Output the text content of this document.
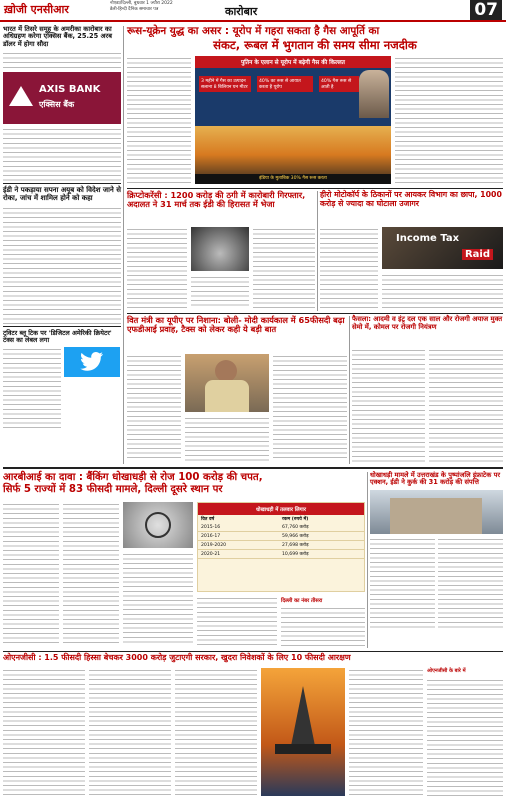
ख़ोजी एनसीआर	नोएडा/दिल्ली, बुधवार 1 ज्यौरा 2022
डेली-हिन्दी दैनिक समाचार पत्र	कारोबार	07
भारत में तिसरे समूह के अमरीका कारोबार का अधिग्रहण करेगा एक्सिस बैंक, 25.25 अरब डॉलर में होगा सौदा
AXIS BANK
एक्सिस बैंक
ईडी ने पकड़ाया सपना अयूब को विदेश जाने से रोका, जांच में शामिल होने को कहा
ट्विटर ब्लू टिक पर 'डिजिटल अमेरिकी क्रियेटर' टेक्स का लेबल लगा
रूस-यूक्रेन युद्ध का असर : यूरोप में गहरा सकता है गैस आपूर्ति का
संकट, रूबल में भुगतान की समय सीमा नजदीक
पुतिन के एलान से यूरोप में बढ़ेगी गैस की किल्लत
3 महीने में गैस का उत्पादन सलाना 8 बिलियन घन मीटर
40% का रूस से आयात करता है यूरोप
40% गैस रूस से आती है
इंडिया के मुताबिक 30% गैस रूस करता
क्रिप्टोकरेंसी : 1200 करोड़ की ठगी में कारोबारी गिरफ्तार, अदालत ने 31 मार्च तक ईडी की हिरासत में भेजा
हीरो मोटोकॉर्प के ठिकानों पर आयकर विभाग का छापा, 1000 करोड़ से ज्यादा का घोटाला उजागर
Income Tax
Raid
वित मंत्री का यूपीए पर निशाना: बोली- मोदी कार्यकाल में 65फीसदी बढ़ा एफडीआई प्रवाह, टैक्स को लेकर कही ये बड़ी बात
फैसला: आदमी व इंट्र दल एक साल और रोजगी अयाज मुक्त सेमो में, कोमल पर रोजगी नियंत्रण
आरबीआई का दावा : बैंकिंग धोखाधड़ी से रोज 100 करोड़ की चपत,
सिर्फ 5 राज्यों में 83 फीसदी मामले, दिल्ली दूसरे स्थान पर
धोखाधड़ी में तलवार लिगार
वित वर्ष	रकम (रुपये में)
2015-16	67,760 करोड़
2016-17	59,966 करोड़
2019-2020	27,698 करोड़
2020-21	10,699 करोड़
दिल्ली का नंबर तीसरा
धोखाधड़ी मामले में उत्तराखंड के पुष्पांजलि इंफ्राटेक पर एक्शन, ईडी ने कुर्क की 31 करोड़ की संपत्ति
ओएनजीसी : 1.5 फीसदी हिस्सा बेचकर 3000 करोड़ जुटाएगी सरकार, खुदरा निवेशकों के लिए 10 फीसदी आरक्षण
ओएनजीसी के बारे में
